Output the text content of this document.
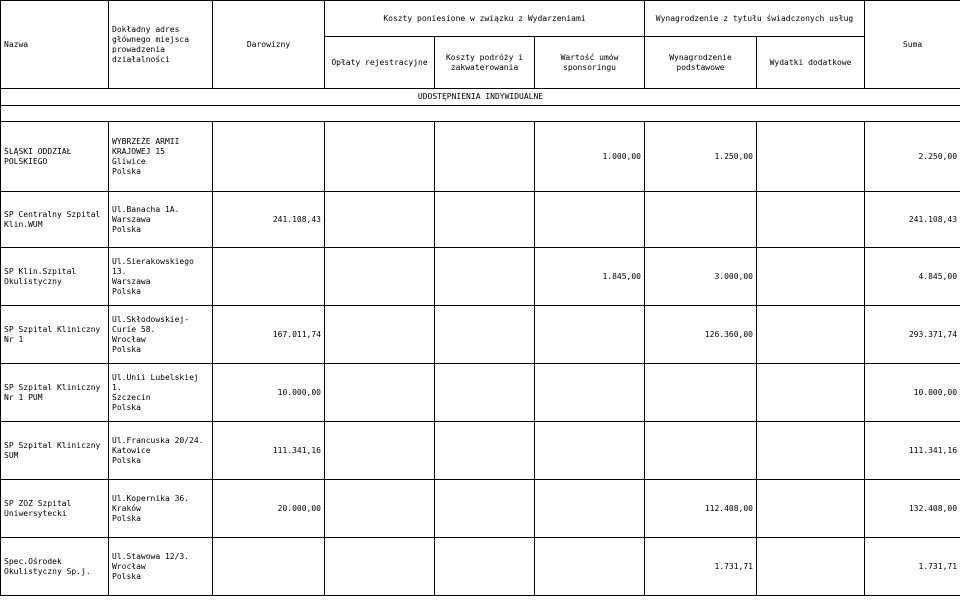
Nazwa	Dokładny adres głównego miejsca prowadzenia działalności	Darowizny	Koszty poniesione w związku z Wydarzeniami			Wynagrodzenie z tytułu świadczonych usług		Suma
			Opłaty rejestracyjne	Koszty podróży i zakwaterowania	Wartość umów sponsoringu	Wynagrodzenie podstawowe	Wydatki dodatkowe	
UDOSTĘPNIENIA INDYWIDUALNE								

ŚLĄSKI ODDZIAŁ POLSKIEGO	WYBRZEŻE ARMII KRAJOWEJ 15
Gliwice
Polska				1.000,00	1.250,00		2.250,00
SP Centralny Szpital Klin.WUM	Ul.Banacha 1A.
Warszawa
Polska	241.108,43						241.108,43
SP Klin.Szpital Okulistyczny	Ul.Sierakowskiego 13.
Warszawa
Polska				1.845,00	3.000,00		4.845,00
SP Szpital Kliniczny Nr 1	Ul.Skłodowskiej-Curie 58.
Wrocław
Polska	167.011,74				126.360,00		293.371,74
SP Szpital Kliniczny Nr 1 PUM	Ul.Unii Lubelskiej 1.
Szczecin
Polska	10.000,00						10.000,00
SP Szpital Kliniczny SUM	Ul.Francuska 20/24.
Katowice
Polska	111.341,16						111.341,16
SP ZOZ Szpital Uniwersytecki	Ul.Kopernika 36.
Kraków
Polska	20.000,00				112.408,00		132.408,00
Spec.Ośrodek Okulistyczny Sp.j.	Ul.Stawowa 12/3.
Wrocław
Polska					1.731,71		1.731,71
